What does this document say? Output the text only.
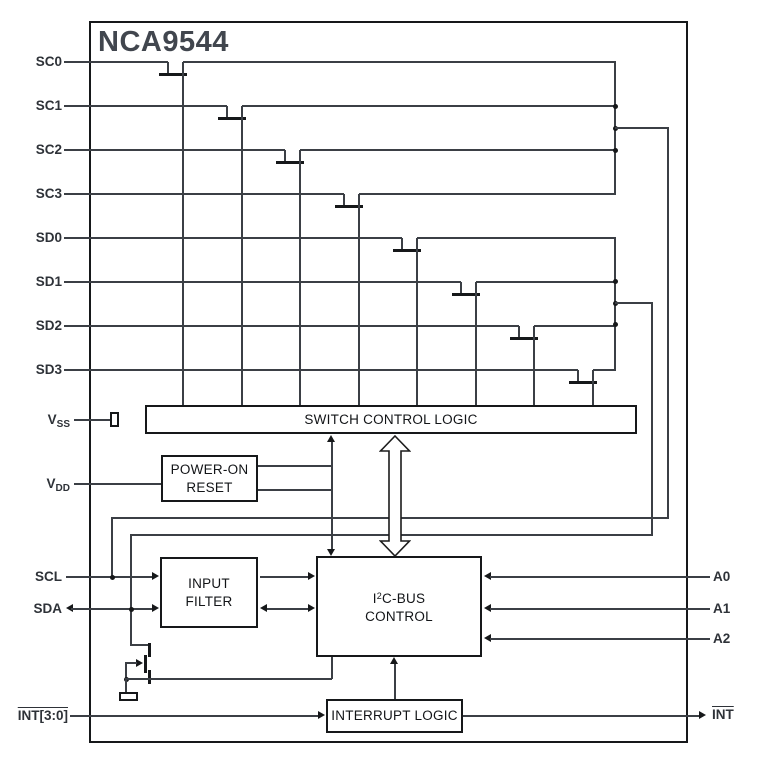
NCA9544
SC0
SC1
SC2
SC3
SD0
SD1
SD2
SD3
$V_{SS}$
$V_{DD}$
SCL
SDA
INT[3:0]
A0
A1
A2
$\overline{INT}$
SWITCH CONTROL LOGIC
POWER-ON
RESET
INPUT
FILTER	$I^2C$-BUS
CONTROL
INTERRUPT LOGIC
